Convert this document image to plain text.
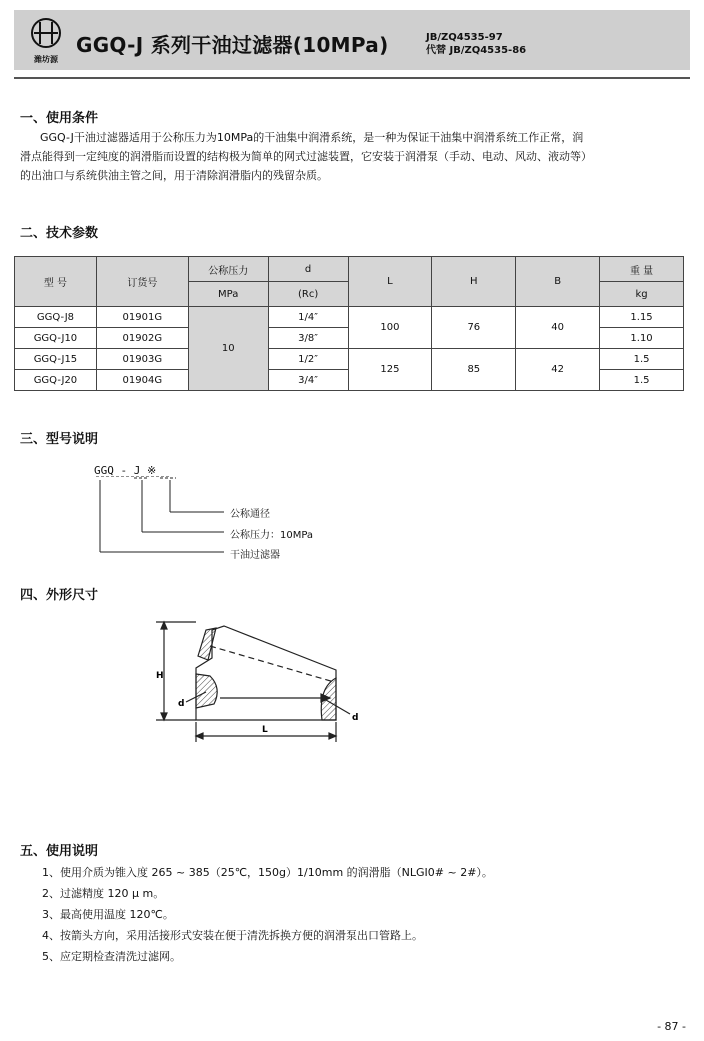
潍坊源
GGQ-J 系列干油过滤器(10MPa)	JB/ZQ4535-97
代替 JB/ZQ4535-86
一、使用条件

GGQ-J干油过滤器适用于公称压力为10MPa的干油集中润滑系统，是一种为保证干油集中润滑系统工作正常，润

滑点能得到一定纯度的润滑脂而设置的结构极为简单的网式过滤装置，它安装于润滑泵（手动、电动、风动、液动等）

的出油口与系统供油主管之间，用于清除润滑脂内的残留杂质。

二、技术参数
型 号	订货号	公称压力	d	L	H	B	重 量
		MPa	(Rc)				kg
GGQ-J8	01901G	10	1/4″	100	76	40	1.15
GGQ-J10	01902G		3/8″				1.10
GGQ-J15	01903G		1/2″	125	85	42	1.5
GGQ-J20	01904G		3/4″				1.5
三、型号说明
GGQ - J ※
公称通径
公称压力：10MPa
干油过滤器
四、外形尺寸
H
d
d
L
五、使用说明
1、使用介质为锥入度 265 ~ 385（25℃，150g）1/10mm 的润滑脂（NLGI0# ~ 2#）。
2、过滤精度 120 μ m。
3、最高使用温度 120℃。
4、按箭头方向，采用活接形式安装在便于清洗拆换方便的润滑泵出口管路上。
5、应定期检查清洗过滤网。
- 87 -
